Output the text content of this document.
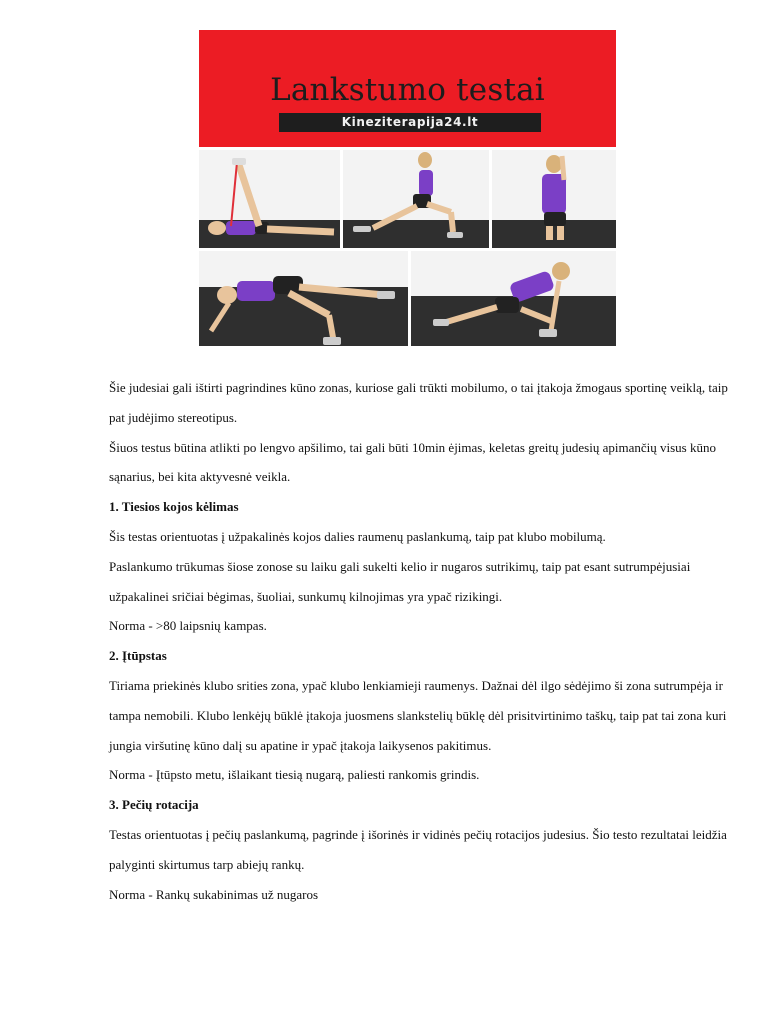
Lankstumo testai
Kineziterapija24.lt

Šie judesiai gali ištirti pagrindines kūno zonas, kuriose gali trūkti mobilumo, o tai įtakoja žmogaus sportinę veiklą, taip pat judėjimo stereotipus.

Šiuos testus būtina atlikti po lengvo apšilimo, tai gali būti 10min ėjimas, keletas greitų judesių apimančių visus kūno sąnarius, bei kita aktyvesnė veikla.

1. Tiesios kojos kėlimas

Šis testas orientuotas į užpakalinės kojos dalies raumenų paslankumą, taip pat klubo mobilumą.

Paslankumo trūkumas šiose zonose su laiku gali sukelti kelio ir nugaros sutrikimų, taip pat esant sutrumpėjusiai užpakalinei sričiai bėgimas, šuoliai, sunkumų kilnojimas yra ypač rizikingi.

Norma - >80 laipsnių kampas.

2. Įtūpstas

Tiriama priekinės klubo srities zona, ypač klubo lenkiamieji raumenys. Dažnai dėl ilgo sėdėjimo ši zona sutrumpėja ir tampa nemobili. Klubo lenkėjų būklė įtakoja juosmens slankstelių būklę dėl prisitvirtinimo taškų, taip pat tai zona kuri jungia viršutinę kūno dalį su apatine ir ypač įtakoja laikysenos pakitimus.

Norma - Įtūpsto metu, išlaikant tiesią nugarą, paliesti rankomis grindis.

3. Pečių rotacija

Testas orientuotas į pečių paslankumą, pagrinde į išorinės ir vidinės pečių rotacijos judesius. Šio testo rezultatai leidžia palyginti skirtumus tarp abiejų rankų.

Norma - Rankų sukabinimas už nugaros
